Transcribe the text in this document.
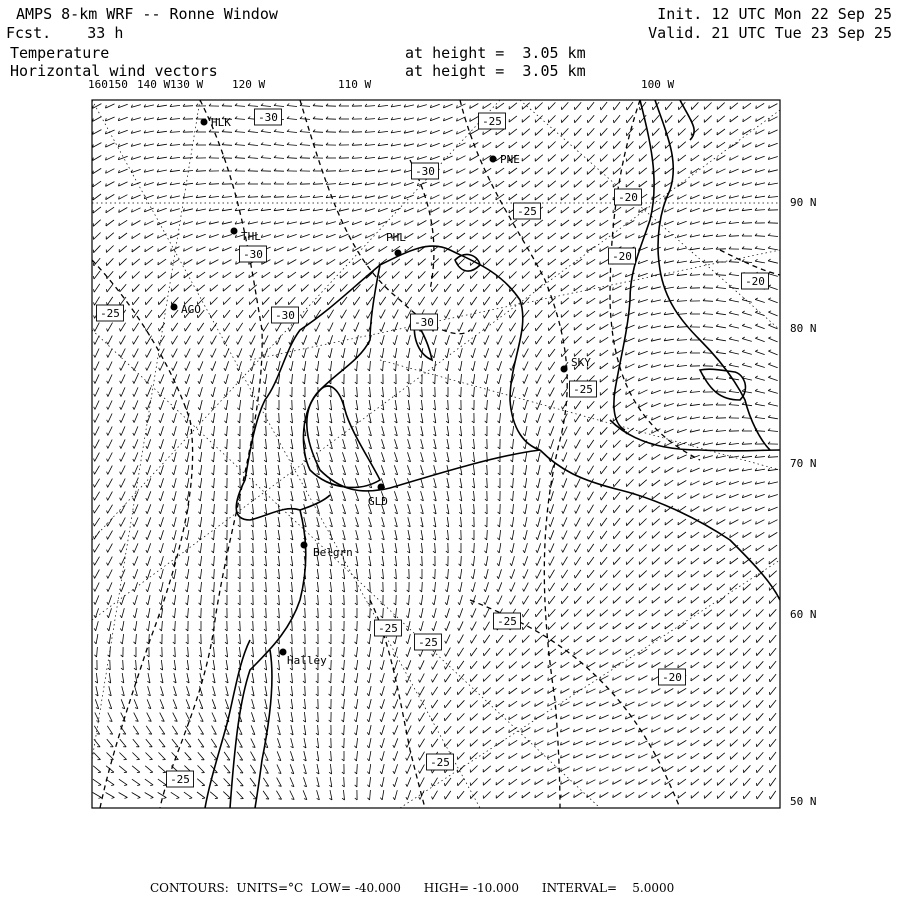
AMPS 8-km WRF -- Ronne Window
Fcst.    33 h
Temperature
Horizontal wind vectors
at height =  3.05 km
at height =  3.05 km
Init. 12 UTC Mon 22 Sep 25
Valid. 21 UTC Tue 23 Sep 25
160 150 140 W 130 W	120 W	110 W	100 W
90 N
80 N
70 N
60 N
50 N
HLK
PNE
THL	PHL
AGO
SKY
GLD
Belgrn
Halley
-30	-25
-30
-30
-25
-20
-20
-30
-25
-30
-25
-25
-25
-25
-20
-25
-20
-25
CONTOURS:  UNITS=°C  LOW= -40.000      HIGH= -10.000      INTERVAL=    5.0000
